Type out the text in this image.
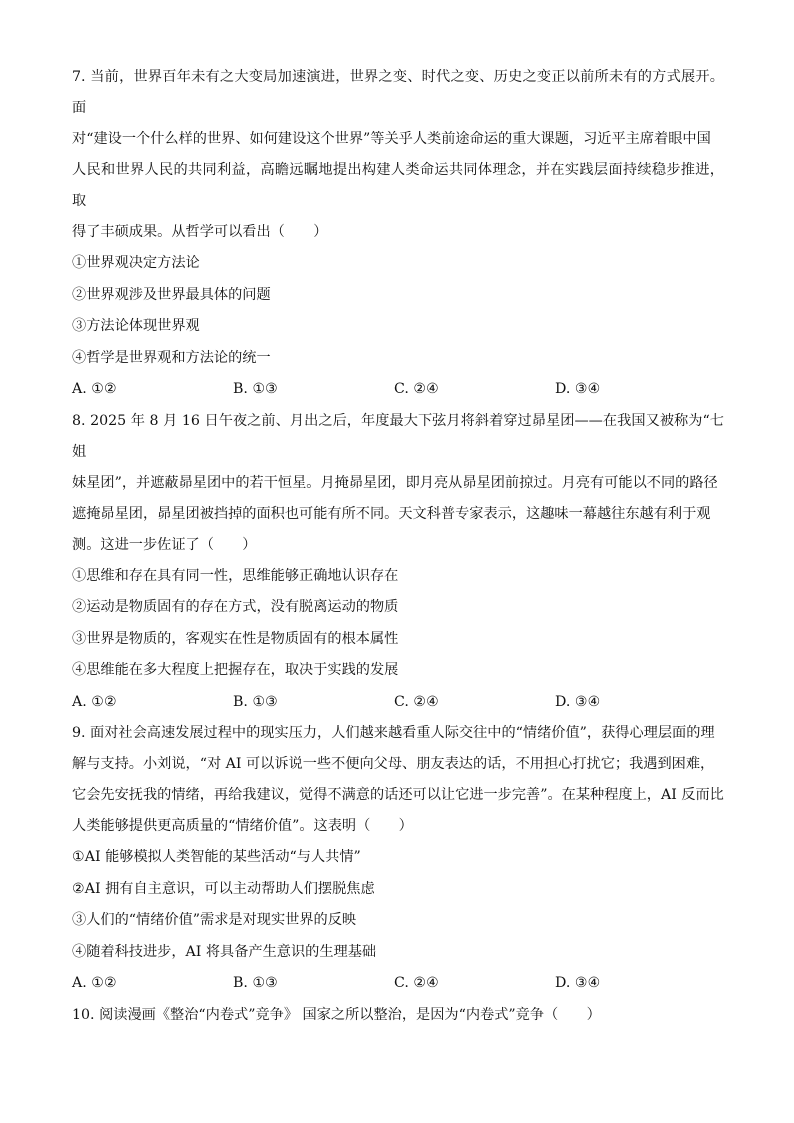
7. 当前，世界百年未有之大变局加速演进，世界之变、时代之变、历史之变正以前所未有的方式展开。面

对“建设一个什么样的世界、如何建设这个世界”等关乎人类前途命运的重大课题，习近平主席着眼中国

人民和世界人民的共同利益，高瞻远瞩地提出构建人类命运共同体理念，并在实践层面持续稳步推进，取

得了丰硕成果。从哲学可以看出（　　）

①世界观决定方法论
②世界观涉及世界最具体的问题
③方法论体现世界观
④哲学是世界观和方法论的统一
A. ①②	B. ①③	C. ②④	D. ③④

8. 2025 年 8 月 16 日午夜之前、月出之后，年度最大下弦月将斜着穿过昴星团——在我国又被称为“七姐

妹星团”，并遮蔽昴星团中的若干恒星。月掩昴星团，即月亮从昴星团前掠过。月亮有可能以不同的路径

遮掩昴星团，昴星团被挡掉的面积也可能有所不同。天文科普专家表示，这趣味一幕越往东越有利于观

测。这进一步佐证了（　　）

①思维和存在具有同一性，思维能够正确地认识存在
②运动是物质固有的存在方式，没有脱离运动的物质
③世界是物质的，客观实在性是物质固有的根本属性
④思维能在多大程度上把握存在，取决于实践的发展
A. ①②	B. ①③	C. ②④	D. ③④

9. 面对社会高速发展过程中的现实压力，人们越来越看重人际交往中的“情绪价值”，获得心理层面的理

解与支持。小刘说，“对 AI 可以诉说一些不便向父母、朋友表达的话，不用担心打扰它；我遇到困难，

它会先安抚我的情绪，再给我建议，觉得不满意的话还可以让它进一步完善”。在某种程度上，AI 反而比

人类能够提供更高质量的“情绪价值”。这表明（　　）

①AI 能够模拟人类智能的某些活动“与人共情”
②AI 拥有自主意识，可以主动帮助人们摆脱焦虑
③人们的“情绪价值”需求是对现实世界的反映
④随着科技进步，AI 将具备产生意识的生理基础
A. ①②	B. ①③	C. ②④	D. ③④

10. 阅读漫画《整治“内卷式”竞争》 国家之所以整治，是因为“内卷式”竞争（　　）
